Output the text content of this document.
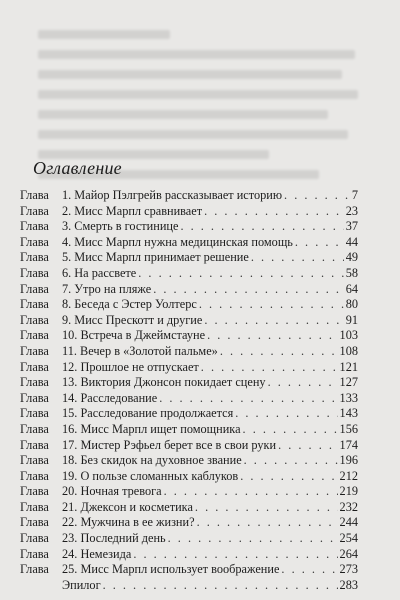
Оглавление
Глава	1. Майор Пэлгрейв рассказывает историю . . .	7
Глава	2. Мисс Марпл сравнивает . . .	23
Глава	3. Смерть в гостинице . . .	37
Глава	4. Мисс Марпл нужна медицинская помощь . . .	44
Глава	5. Мисс Марпл принимает решение . . .	49
Глава	6. На рассвете . . .	58
Глава	7. Утро на пляже . . .	64
Глава	8. Беседа с Эстер Уолтерс . . .	80
Глава	9. Мисс Прескотт и другие . . .	91
Глава	10. Встреча в Джеймстауне . . .	103
Глава	11. Вечер в «Золотой пальме» . . .	108
Глава	12. Прошлое не отпускает . . .	121
Глава	13. Виктория Джонсон покидает сцену . . .	127
Глава	14. Расследование . . .	133
Глава	15. Расследование продолжается . . .	143
Глава	16. Мисс Марпл ищет помощника . . .	156
Глава	17. Мистер Рэфьел берет все в свои руки . . .	174
Глава	18. Без скидок на духовное звание . . .	196
Глава	19. О пользе сломанных каблуков . . .	212
Глава	20. Ночная тревога . . .	219
Глава	21. Джексон и косметика . . .	232
Глава	22. Мужчина в ее жизни? . . .	244
Глава	23. Последний день . . .	254
Глава	24. Немезида . . .	264
Глава	25. Мисс Марпл использует воображение . . .	273
Эпилог . . .	283
